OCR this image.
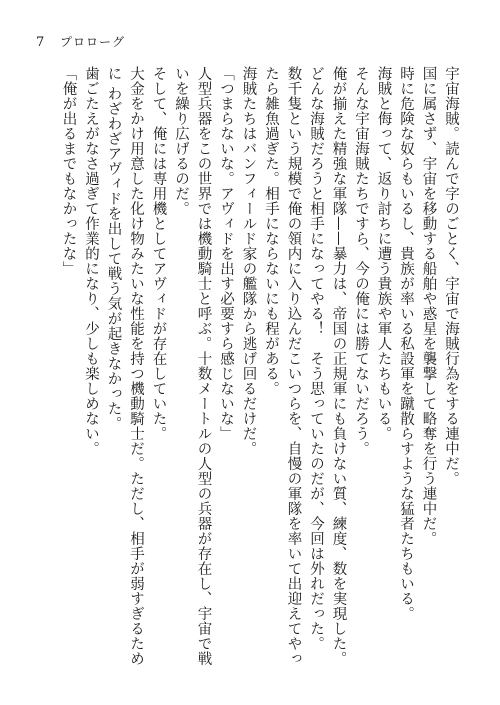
7 プロローグ

宇宙海賊。読んで字のごとく、宇宙で海賊行為をする連中だ。

国に属さず、宇宙を移動する船舶や惑星を襲撃して略奪を行う連中だ。

時に危険な奴らもいるし、貴族が率いる私設軍を蹴散らすような猛者たちもいる。

海賊と侮って、返り討ちに遭う貴族や軍人たちもいる。

そんな宇宙海賊たちですら、今の俺には勝てないだろう。

俺が揃えた精強な軍隊——暴力は、帝国の正規軍にも負けない質、練度、数を実現した。

どんな海賊だろうと相手になってやる！　そう思っていたのだが、今回は外れだった。

数千隻という規模で俺の領内に入り込んだこいつらを、自慢の軍隊を率いて出迎えてやったら雑魚過ぎた。相手にならないにも程がある。

海賊たちはバンフィールド家の艦隊から逃げ回るだけだ。

「つまらないな。アヴィドを出す必要すら感じないな」

人型兵器をこの世界では機動騎士と呼ぶ。十数メートルの人型の兵器が存在し、宇宙で戦いを繰り広げるのだ。

そして、俺には専用機としてアヴィドが存在していた。

大金をかけ用意した化け物みたいな性能を持つ機動騎士だ。ただし、相手が弱すぎるために わざわざアヴィドを出して戦う気が起きなかった。

歯ごたえがなさ過ぎて作業的になり、少しも楽しめない。

「俺が出るまでもなかったな」
